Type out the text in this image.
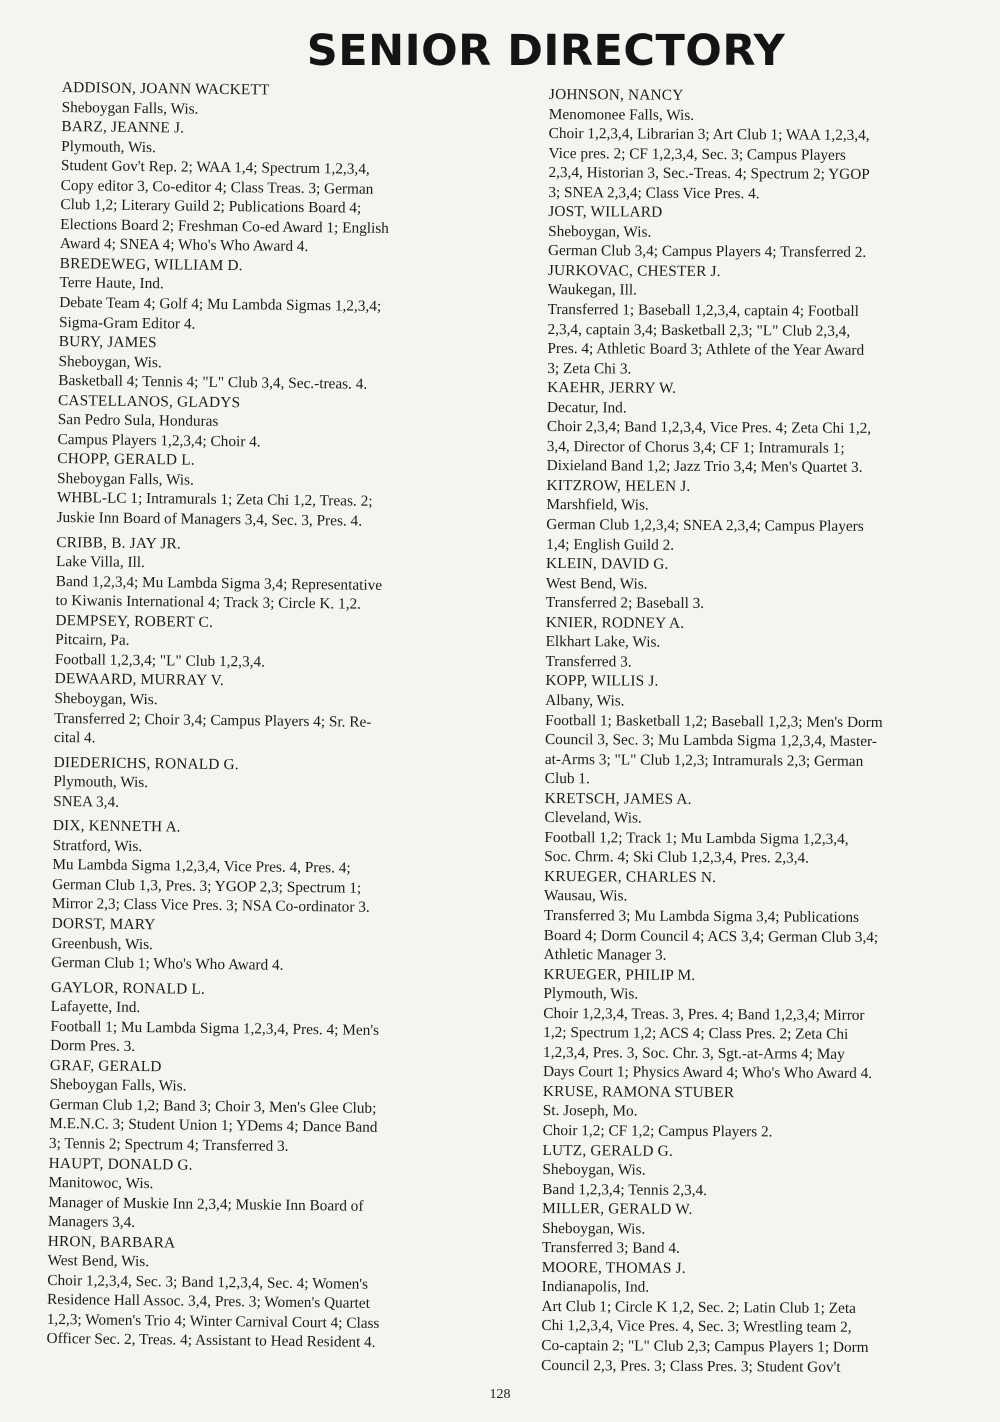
SENIOR DIRECTORY
ADDISON, JOANN WACKETT
Sheboygan Falls, Wis.
BARZ, JEANNE J.
Plymouth, Wis.
Student Gov't Rep. 2; WAA 1,4; Spectrum 1,2,3,4,
Copy editor 3, Co-editor 4; Class Treas. 3; German
Club 1,2; Literary Guild 2; Publications Board 4;
Elections Board 2; Freshman Co-ed Award 1; English
Award 4; SNEA 4; Who's Who Award 4.
BREDEWEG, WILLIAM D.
Terre Haute, Ind.
Debate Team 4; Golf 4; Mu Lambda Sigmas 1,2,3,4;
Sigma-Gram Editor 4.
BURY, JAMES
Sheboygan, Wis.
Basketball 4; Tennis 4; "L" Club 3,4, Sec.-treas. 4.
CASTELLANOS, GLADYS
San Pedro Sula, Honduras
Campus Players 1,2,3,4; Choir 4.
CHOPP, GERALD L.
Sheboygan Falls, Wis.
WHBL-LC 1; Intramurals 1; Zeta Chi 1,2, Treas. 2;
Juskie Inn Board of Managers 3,4, Sec. 3, Pres. 4.
CRIBB, B. JAY JR.
Lake Villa, Ill.
Band 1,2,3,4; Mu Lambda Sigma 3,4; Representative
to Kiwanis International 4; Track 3; Circle K. 1,2.
DEMPSEY, ROBERT C.
Pitcairn, Pa.
Football 1,2,3,4; "L" Club 1,2,3,4.
DEWAARD, MURRAY V.
Sheboygan, Wis.
Transferred 2; Choir 3,4; Campus Players 4; Sr. Re-
cital 4.
DIEDERICHS, RONALD G.
Plymouth, Wis.
SNEA 3,4.
DIX, KENNETH A.
Stratford, Wis.
Mu Lambda Sigma 1,2,3,4, Vice Pres. 4, Pres. 4;
German Club 1,3, Pres. 3; YGOP 2,3; Spectrum 1;
Mirror 2,3; Class Vice Pres. 3; NSA Co-ordinator 3.
DORST, MARY
Greenbush, Wis.
German Club 1; Who's Who Award 4.
GAYLOR, RONALD L.
Lafayette, Ind.
Football 1; Mu Lambda Sigma 1,2,3,4, Pres. 4; Men's
Dorm Pres. 3.
GRAF, GERALD
Sheboygan Falls, Wis.
German Club 1,2; Band 3; Choir 3, Men's Glee Club;
M.E.N.C. 3; Student Union 1; YDems 4; Dance Band
3; Tennis 2; Spectrum 4; Transferred 3.
HAUPT, DONALD G.
Manitowoc, Wis.
Manager of Muskie Inn 2,3,4; Muskie Inn Board of
Managers 3,4.
HRON, BARBARA
West Bend, Wis.
Choir 1,2,3,4, Sec. 3; Band 1,2,3,4, Sec. 4; Women's
Residence Hall Assoc. 3,4, Pres. 3; Women's Quartet
1,2,3; Women's Trio 4; Winter Carnival Court 4; Class
Officer Sec. 2, Treas. 4; Assistant to Head Resident 4.
JOHNSON, NANCY
Menomonee Falls, Wis.
Choir 1,2,3,4, Librarian 3; Art Club 1; WAA 1,2,3,4,
Vice pres. 2; CF 1,2,3,4, Sec. 3; Campus Players
2,3,4, Historian 3, Sec.-Treas. 4; Spectrum 2; YGOP
3; SNEA 2,3,4; Class Vice Pres. 4.
JOST, WILLARD
Sheboygan, Wis.
German Club 3,4; Campus Players 4; Transferred 2.
JURKOVAC, CHESTER J.
Waukegan, Ill.
Transferred 1; Baseball 1,2,3,4, captain 4; Football
2,3,4, captain 3,4; Basketball 2,3; "L" Club 2,3,4,
Pres. 4; Athletic Board 3; Athlete of the Year Award
3; Zeta Chi 3.
KAEHR, JERRY W.
Decatur, Ind.
Choir 2,3,4; Band 1,2,3,4, Vice Pres. 4; Zeta Chi 1,2,
3,4, Director of Chorus 3,4; CF 1; Intramurals 1;
Dixieland Band 1,2; Jazz Trio 3,4; Men's Quartet 3.
KITZROW, HELEN J.
Marshfield, Wis.
German Club 1,2,3,4; SNEA 2,3,4; Campus Players
1,4; English Guild 2.
KLEIN, DAVID G.
West Bend, Wis.
Transferred 2; Baseball 3.
KNIER, RODNEY A.
Elkhart Lake, Wis.
Transferred 3.
KOPP, WILLIS J.
Albany, Wis.
Football 1; Basketball 1,2; Baseball 1,2,3; Men's Dorm
Council 3, Sec. 3; Mu Lambda Sigma 1,2,3,4, Master-
at-Arms 3; "L" Club 1,2,3; Intramurals 2,3; German
Club 1.
KRETSCH, JAMES A.
Cleveland, Wis.
Football 1,2; Track 1; Mu Lambda Sigma 1,2,3,4,
Soc. Chrm. 4; Ski Club 1,2,3,4, Pres. 2,3,4.
KRUEGER, CHARLES N.
Wausau, Wis.
Transferred 3; Mu Lambda Sigma 3,4; Publications
Board 4; Dorm Council 4; ACS 3,4; German Club 3,4;
Athletic Manager 3.
KRUEGER, PHILIP M.
Plymouth, Wis.
Choir 1,2,3,4, Treas. 3, Pres. 4; Band 1,2,3,4; Mirror
1,2; Spectrum 1,2; ACS 4; Class Pres. 2; Zeta Chi
1,2,3,4, Pres. 3, Soc. Chr. 3, Sgt.-at-Arms 4; May
Days Court 1; Physics Award 4; Who's Who Award 4.
KRUSE, RAMONA STUBER
St. Joseph, Mo.
Choir 1,2; CF 1,2; Campus Players 2.
LUTZ, GERALD G.
Sheboygan, Wis.
Band 1,2,3,4; Tennis 2,3,4.
MILLER, GERALD W.
Sheboygan, Wis.
Transferred 3; Band 4.
MOORE, THOMAS J.
Indianapolis, Ind.
Art Club 1; Circle K 1,2, Sec. 2; Latin Club 1; Zeta
Chi 1,2,3,4, Vice Pres. 4, Sec. 3; Wrestling team 2,
Co-captain 2; "L" Club 2,3; Campus Players 1; Dorm
Council 2,3, Pres. 3; Class Pres. 3; Student Gov't
128
